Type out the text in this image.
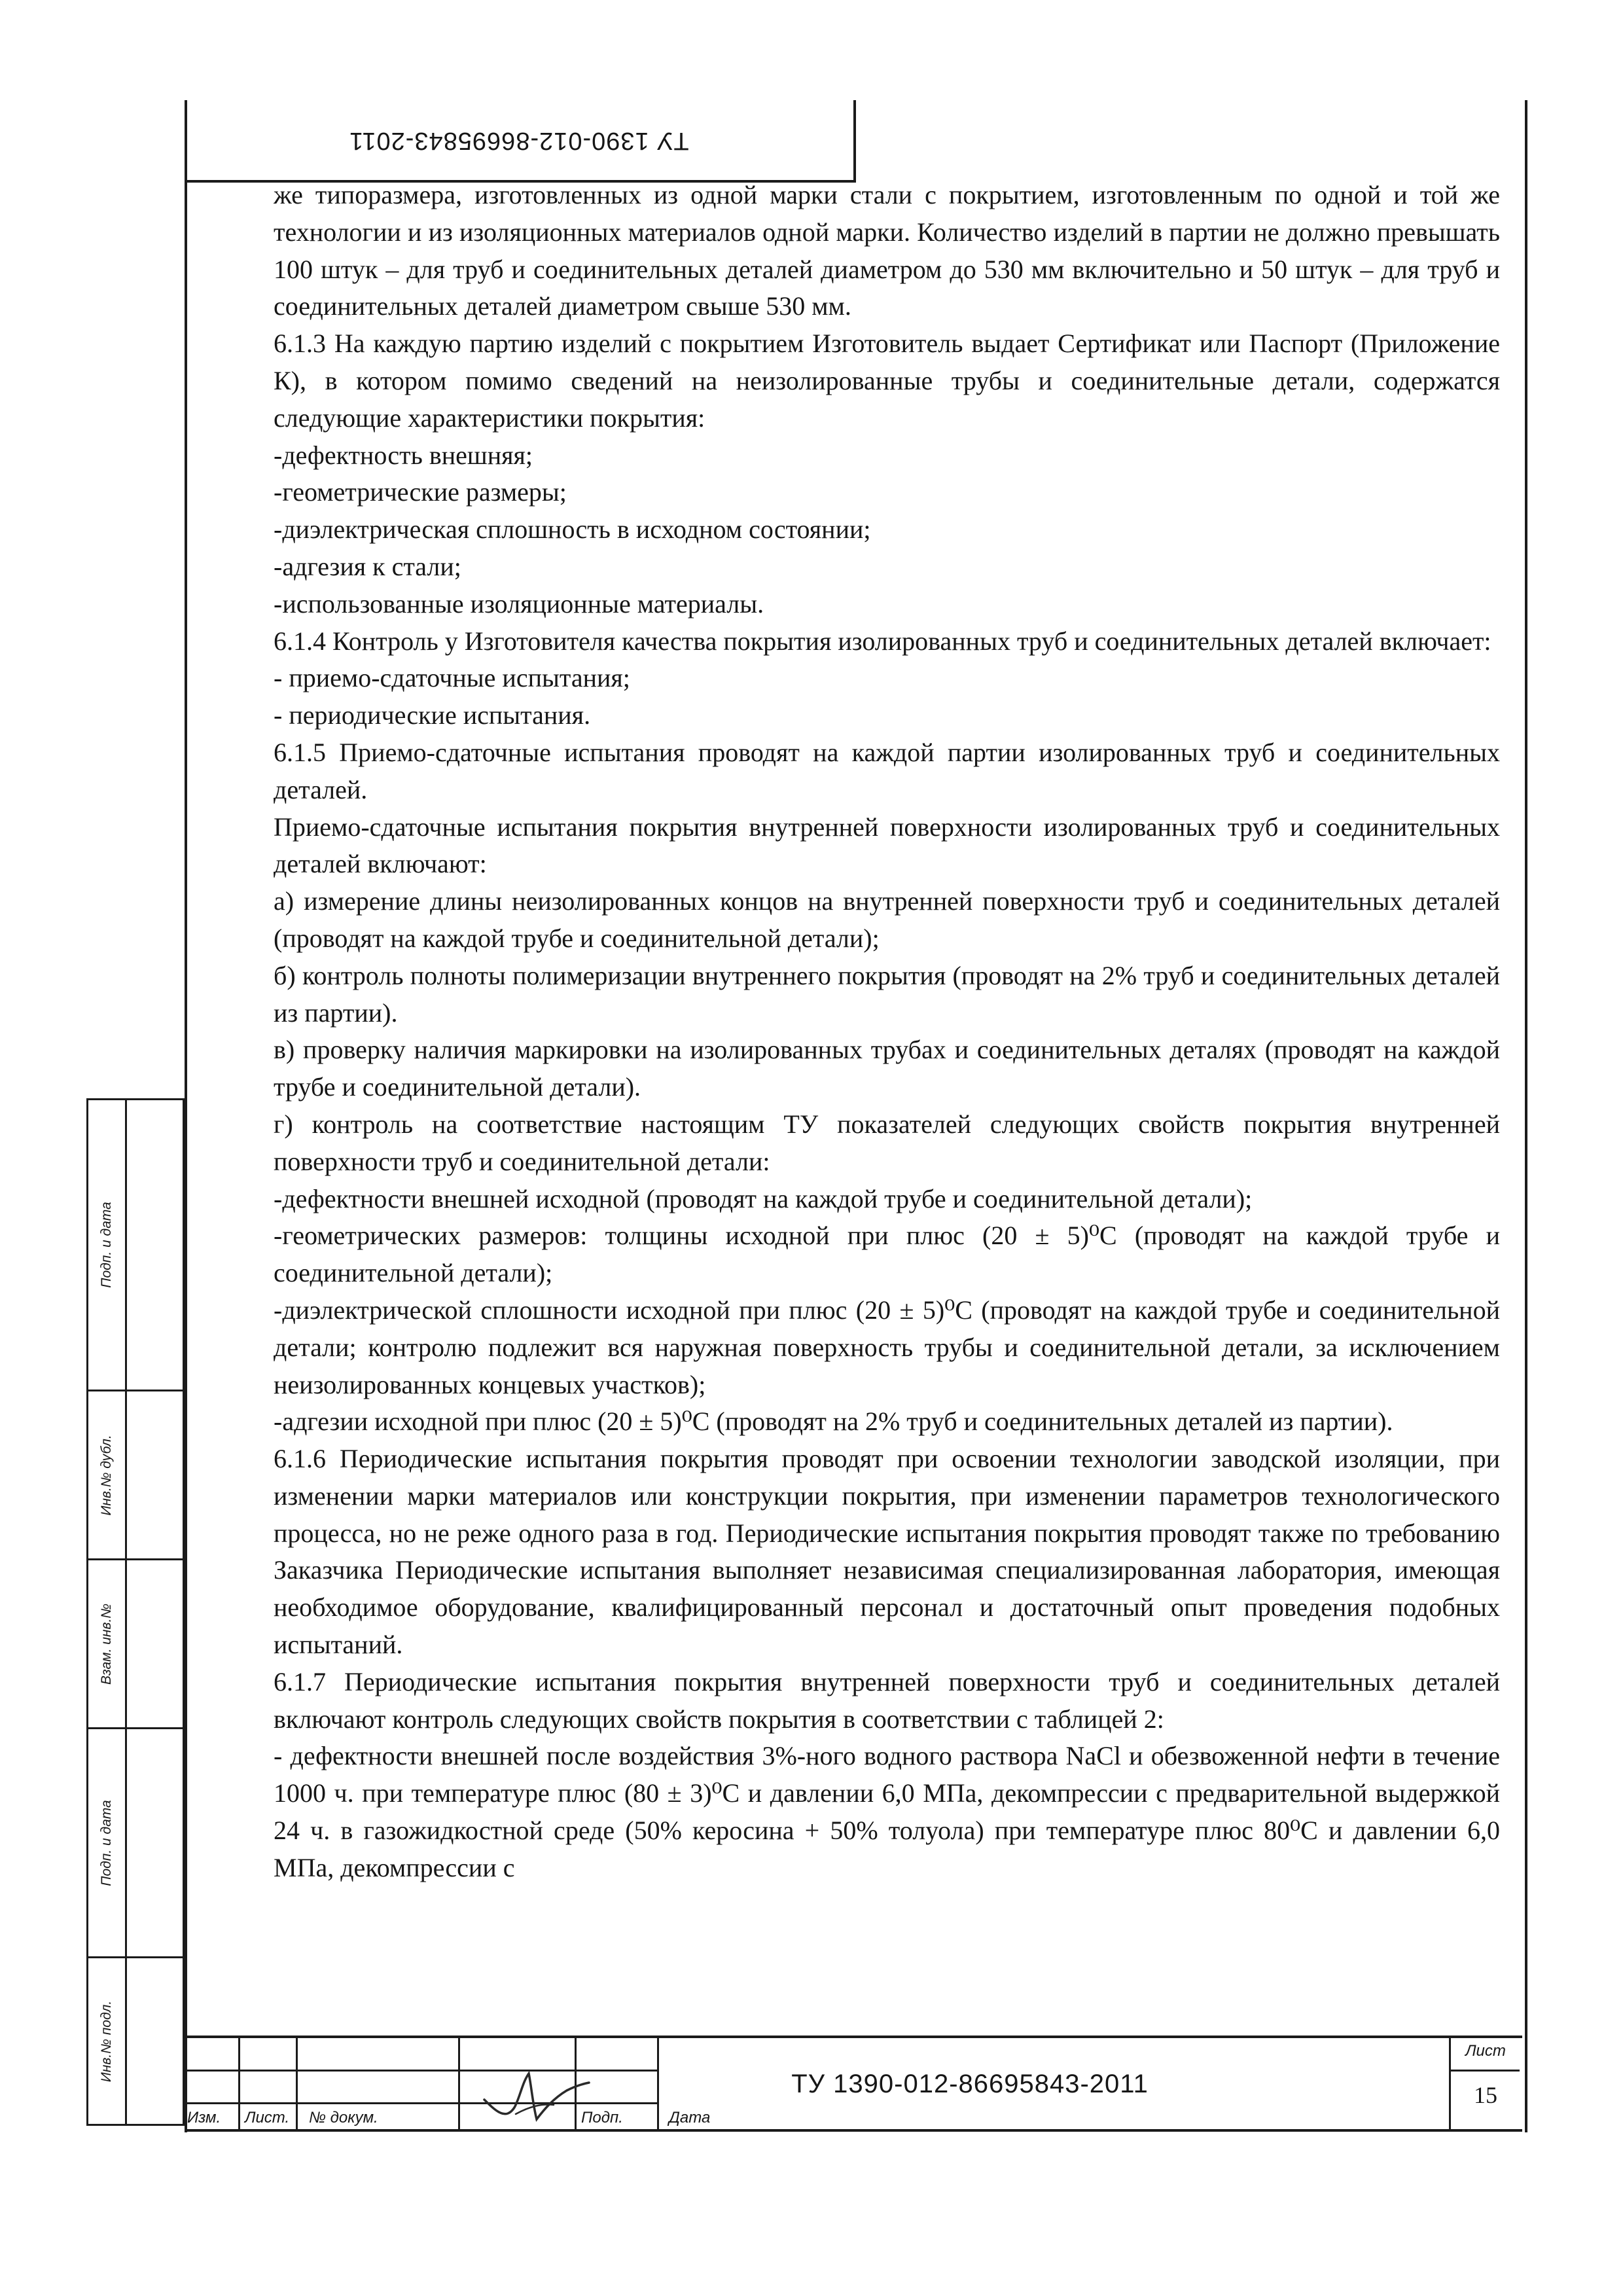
ТУ 1390-012-86695843-2011

же типоразмера, изготовленных из одной марки стали с покрытием, изготовленным по одной и той же технологии и из изоляционных материалов одной марки. Количество изделий в партии не должно превышать 100 штук – для труб и соединительных деталей диаметром до 530 мм включительно и 50 штук – для труб и соединительных деталей диаметром свыше 530 мм.

6.1.3 На каждую партию изделий с покрытием Изготовитель выдает Сертификат или Паспорт (Приложение К), в котором помимо сведений на неизолированные трубы и соединительные детали, содержатся следующие характеристики покрытия:

-дефектность внешняя;

-геометрические размеры;

-диэлектрическая сплошность в исходном состоянии;

-адгезия к стали;

-использованные изоляционные материалы.

6.1.4 Контроль у Изготовителя качества покрытия изолированных труб и соединительных деталей включает:

- приемо-сдаточные испытания;

- периодические испытания.

6.1.5 Приемо-сдаточные испытания проводят на каждой партии изолированных труб и соединительных деталей.

Приемо-сдаточные испытания покрытия внутренней поверхности изолированных труб и соединительных деталей включают:

а) измерение длины неизолированных концов на внутренней поверхности труб и соединительных деталей (проводят на каждой трубе и соединительной детали);

б) контроль полноты полимеризации внутреннего покрытия (проводят на 2% труб и соединительных деталей из партии).

в) проверку наличия маркировки на изолированных трубах и соединительных деталях (проводят на каждой трубе и соединительной детали).

г) контроль на соответствие настоящим ТУ показателей следующих свойств покрытия внутренней поверхности труб и соединительной детали:

-дефектности внешней исходной (проводят на каждой трубе и соединительной детали);

-геометрических размеров: толщины исходной при плюс (20 ± 5)⁰С (проводят на каждой трубе и соединительной детали);

-диэлектрической сплошности исходной при плюс (20 ± 5)⁰С (проводят на каждой трубе и соединительной детали; контролю подлежит вся наружная поверхность трубы и соединительной детали, за исключением неизолированных концевых участков);

-адгезии исходной при плюс (20 ± 5)⁰С (проводят на 2% труб и соединительных деталей из партии).

6.1.6 Периодические испытания покрытия проводят при освоении технологии заводской изоляции, при изменении марки материалов или конструкции покрытия, при изменении параметров технологического процесса, но не реже одного раза в год. Периодические испытания покрытия проводят также по требованию Заказчика Периодические испытания выполняет независимая специализированная лаборатория, имеющая необходимое оборудование, квалифицированный персонал и достаточный опыт проведения подобных испытаний.

6.1.7 Периодические испытания покрытия внутренней поверхности труб и соединительных деталей включают контроль следующих свойств покрытия в соответствии с таблицей 2:

- дефектности внешней после воздействия 3%-ного водного раствора NaCl и обезвоженной нефти в течение 1000 ч. при температуре плюс (80 ± 3)⁰С и давлении 6,0 МПа, декомпрессии с предварительной выдержкой 24 ч. в газожидкостной среде (50% керосина + 50% толуола) при температуре плюс 80⁰С и давлении 6,0 МПа, декомпрессии с

Подп. и дата
Инв.№ дубл.
Взам. инв.№
Подп. и дата
Инв.№ подл.
Изм. Лист. № докум.	Подп.	Дата
ТУ 1390-012-86695843-2011
Лист
15
